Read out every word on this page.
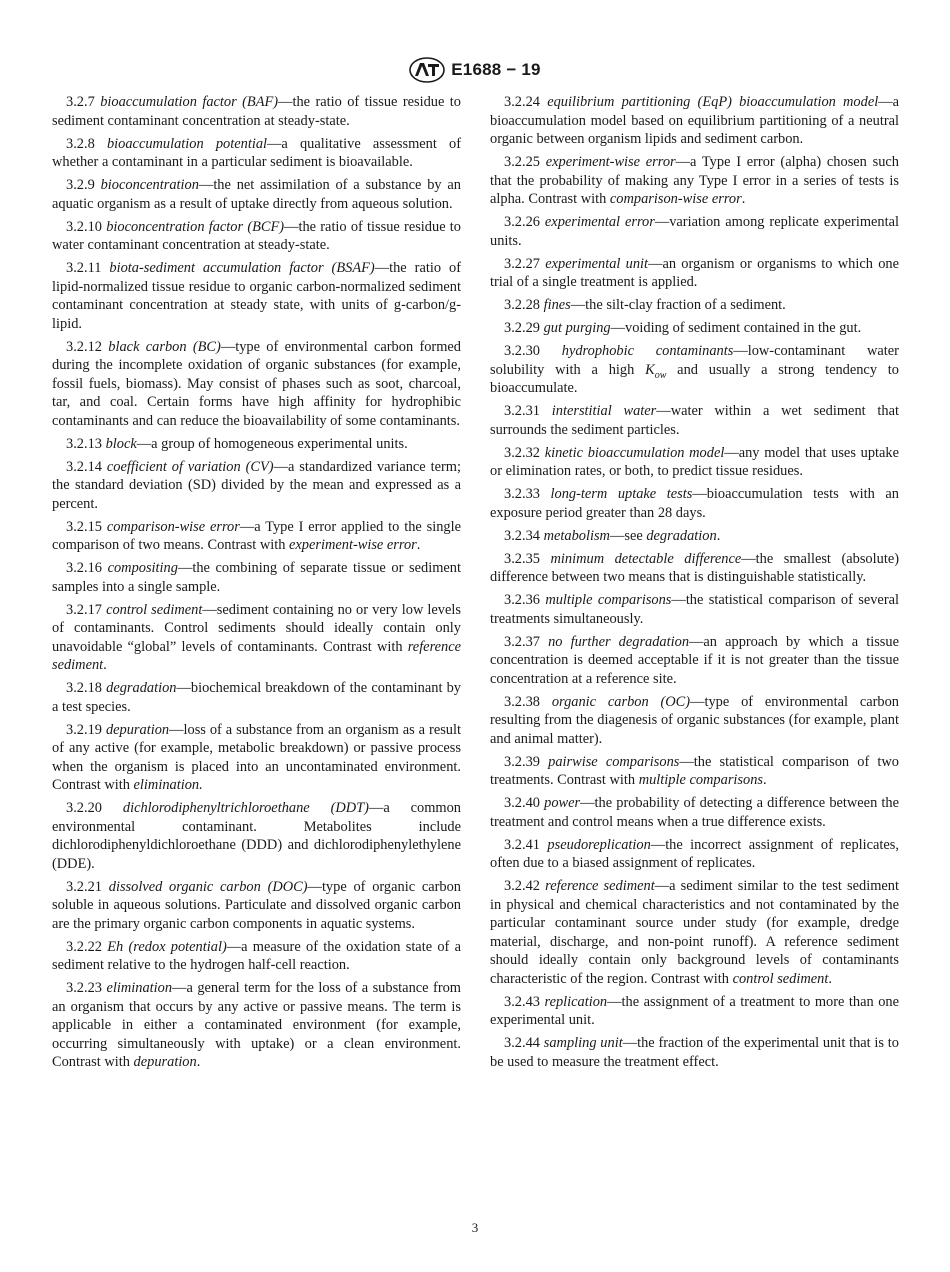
E1688 − 19

3.2.7 bioaccumulation factor (BAF)—the ratio of tissue residue to sediment contaminant concentration at steady-state.

3.2.8 bioaccumulation potential—a qualitative assessment of whether a contaminant in a particular sediment is bioavailable.

3.2.9 bioconcentration—the net assimilation of a substance by an aquatic organism as a result of uptake directly from aqueous solution.

3.2.10 bioconcentration factor (BCF)—the ratio of tissue residue to water contaminant concentration at steady-state.

3.2.11 biota-sediment accumulation factor (BSAF)—the ratio of lipid-normalized tissue residue to organic carbon-normalized sediment contaminant concentration at steady state, with units of g-carbon/g-lipid.

3.2.12 black carbon (BC)—type of environmental carbon formed during the incomplete oxidation of organic substances (for example, fossil fuels, biomass). May consist of phases such as soot, charcoal, tar, and coal. Certain forms have high affinity for hydrophibic contaminants and can reduce the bioavailability of some contaminants.

3.2.13 block—a group of homogeneous experimental units.

3.2.14 coefficient of variation (CV)—a standardized variance term; the standard deviation (SD) divided by the mean and expressed as a percent.

3.2.15 comparison-wise error—a Type I error applied to the single comparison of two means. Contrast with experiment-wise error.

3.2.16 compositing—the combining of separate tissue or sediment samples into a single sample.

3.2.17 control sediment—sediment containing no or very low levels of contaminants. Control sediments should ideally contain only unavoidable “global” levels of contaminants. Contrast with reference sediment.

3.2.18 degradation—biochemical breakdown of the contaminant by a test species.

3.2.19 depuration—loss of a substance from an organism as a result of any active (for example, metabolic breakdown) or passive process when the organism is placed into an uncontaminated environment. Contrast with elimination.

3.2.20 dichlorodiphenyltrichloroethane (DDT)—a common environmental contaminant. Metabolites include dichlorodiphenyldichloroethane (DDD) and dichlorodiphenylethylene (DDE).

3.2.21 dissolved organic carbon (DOC)—type of organic carbon soluble in aqueous solutions. Particulate and dissolved organic carbon are the primary organic carbon components in aquatic systems.

3.2.22 Eh (redox potential)—a measure of the oxidation state of a sediment relative to the hydrogen half-cell reaction.

3.2.23 elimination—a general term for the loss of a substance from an organism that occurs by any active or passive means. The term is applicable in either a contaminated environment (for example, occurring simultaneously with uptake) or a clean environment. Contrast with depuration.

3.2.24 equilibrium partitioning (EqP) bioaccumulation model—a bioaccumulation model based on equilibrium partitioning of a neutral organic between organism lipids and sediment carbon.

3.2.25 experiment-wise error—a Type I error (alpha) chosen such that the probability of making any Type I error in a series of tests is alpha. Contrast with comparison-wise error.

3.2.26 experimental error—variation among replicate experimental units.

3.2.27 experimental unit—an organism or organisms to which one trial of a single treatment is applied.

3.2.28 fines—the silt-clay fraction of a sediment.

3.2.29 gut purging—voiding of sediment contained in the gut.

3.2.30 hydrophobic contaminants—low-contaminant water solubility with a high $K_{ow}$ and usually a strong tendency to bioaccumulate.

3.2.31 interstitial water—water within a wet sediment that surrounds the sediment particles.

3.2.32 kinetic bioaccumulation model—any model that uses uptake or elimination rates, or both, to predict tissue residues.

3.2.33 long-term uptake tests—bioaccumulation tests with an exposure period greater than 28 days.

3.2.34 metabolism—see degradation.

3.2.35 minimum detectable difference—the smallest (absolute) difference between two means that is distinguishable statistically.

3.2.36 multiple comparisons—the statistical comparison of several treatments simultaneously.

3.2.37 no further degradation—an approach by which a tissue concentration is deemed acceptable if it is not greater than the tissue concentration at a reference site.

3.2.38 organic carbon (OC)—type of environmental carbon resulting from the diagenesis of organic substances (for example, plant and animal matter).

3.2.39 pairwise comparisons—the statistical comparison of two treatments. Contrast with multiple comparisons.

3.2.40 power—the probability of detecting a difference between the treatment and control means when a true difference exists.

3.2.41 pseudoreplication—the incorrect assignment of replicates, often due to a biased assignment of replicates.

3.2.42 reference sediment—a sediment similar to the test sediment in physical and chemical characteristics and not contaminated by the particular contaminant source under study (for example, dredge material, discharge, and non-point runoff). A reference sediment should ideally contain only background levels of contaminants characteristic of the region. Contrast with control sediment.

3.2.43 replication—the assignment of a treatment to more than one experimental unit.

3.2.44 sampling unit—the fraction of the experimental unit that is to be used to measure the treatment effect.

3
